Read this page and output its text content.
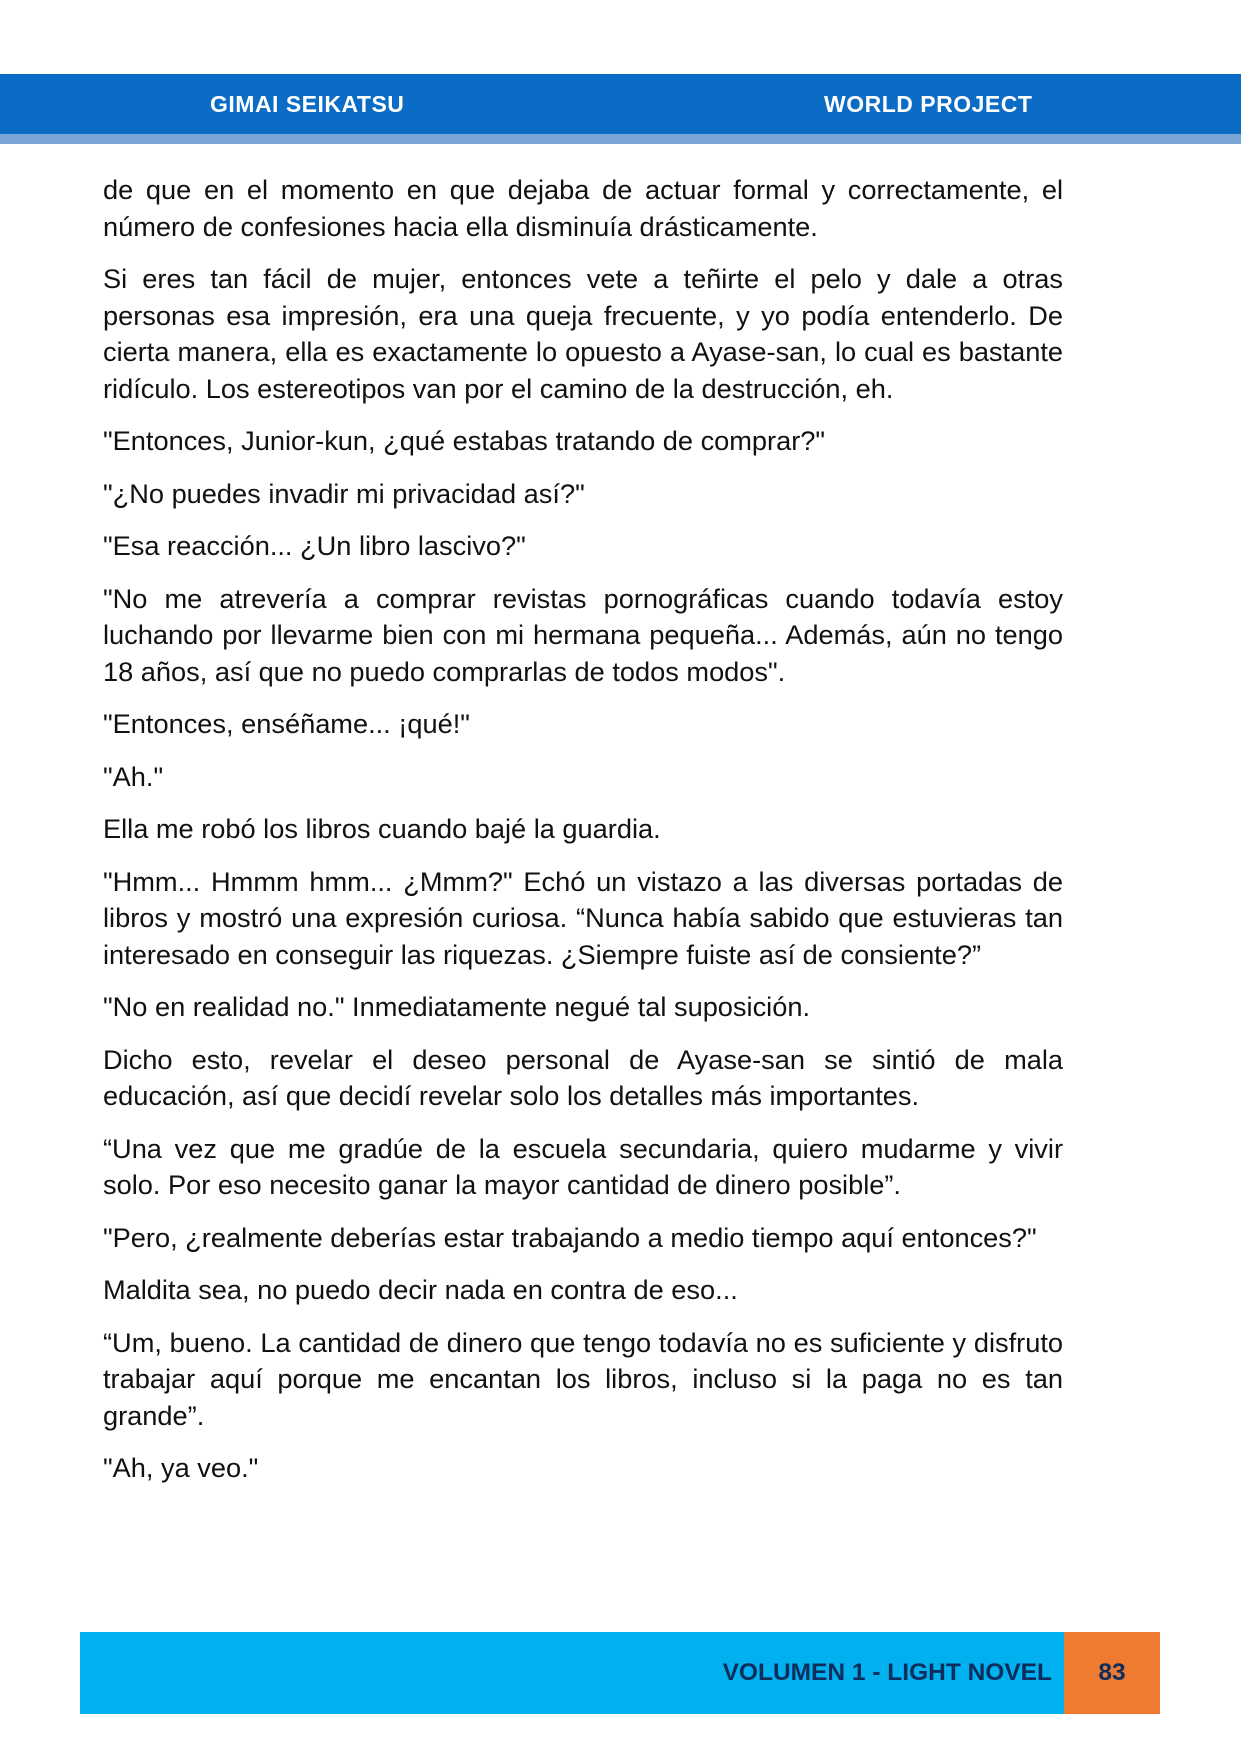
GIMAI SEIKATSU	WORLD PROJECT

de que en el momento en que dejaba de actuar formal y correctamente, el número de confesiones hacia ella disminuía drásticamente.

Si eres tan fácil de mujer, entonces vete a teñirte el pelo y dale a otras personas esa impresión, era una queja frecuente, y yo podía entenderlo. De cierta manera, ella es exactamente lo opuesto a Ayase-san, lo cual es bastante ridículo. Los estereotipos van por el camino de la destrucción, eh.

"Entonces, Junior-kun, ¿qué estabas tratando de comprar?"

"¿No puedes invadir mi privacidad así?"

"Esa reacción... ¿Un libro lascivo?"

"No me atrevería a comprar revistas pornográficas cuando todavía estoy luchando por llevarme bien con mi hermana pequeña... Además, aún no tengo 18 años, así que no puedo comprarlas de todos modos".

"Entonces, enséñame... ¡qué!"

"Ah."

Ella me robó los libros cuando bajé la guardia.

"Hmm... Hmmm hmm... ¿Mmm?" Echó un vistazo a las diversas portadas de libros y mostró una expresión curiosa. “Nunca había sabido que estuvieras tan interesado en conseguir las riquezas. ¿Siempre fuiste así de consiente?”

"No en realidad no." Inmediatamente negué tal suposición.

Dicho esto, revelar el deseo personal de Ayase-san se sintió de mala educación, así que decidí revelar solo los detalles más importantes.

“Una vez que me gradúe de la escuela secundaria, quiero mudarme y vivir solo. Por eso necesito ganar la mayor cantidad de dinero posible”.

"Pero, ¿realmente deberías estar trabajando a medio tiempo aquí entonces?"

Maldita sea, no puedo decir nada en contra de eso...

“Um, bueno. La cantidad de dinero que tengo todavía no es suficiente y disfruto trabajar aquí porque me encantan los libros, incluso si la paga no es tan grande”.

"Ah, ya veo."

VOLUMEN 1 - LIGHT NOVEL	83
